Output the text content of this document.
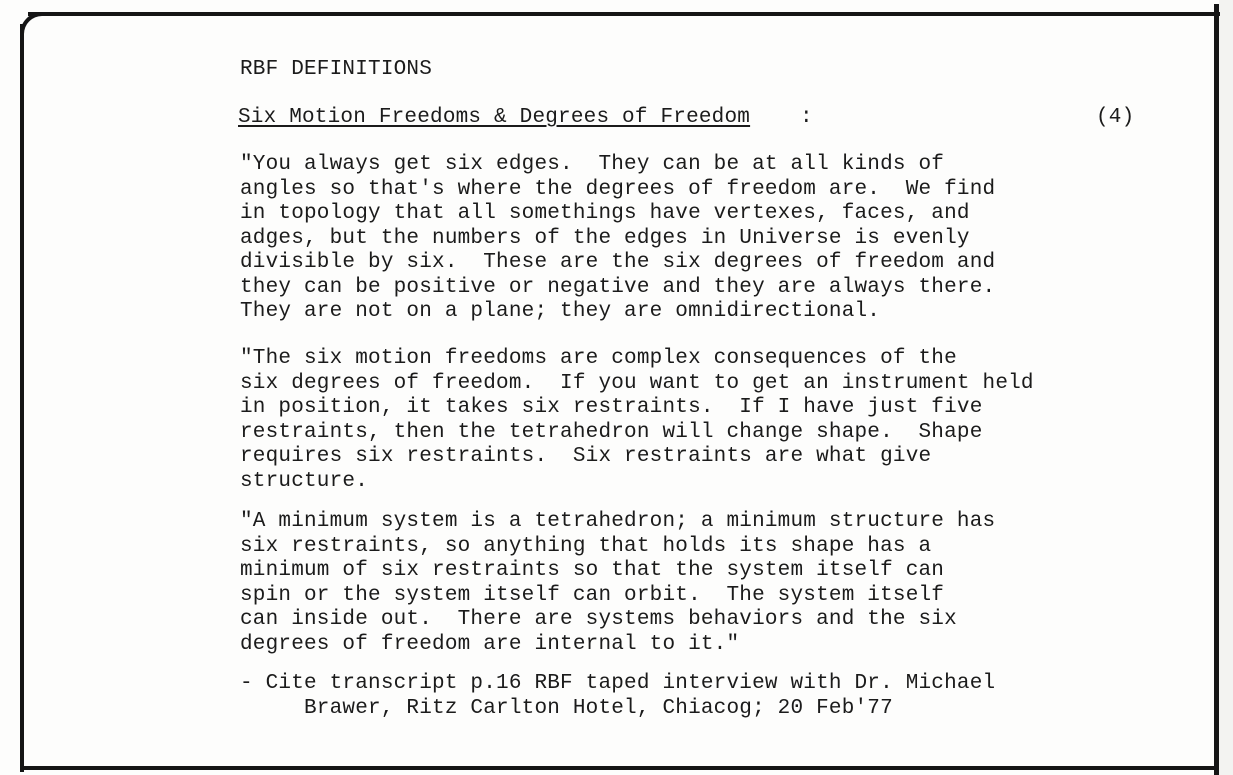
RBF DEFINITIONS
Six Motion Freedoms & Degrees of Freedom :	(4)
"You always get six edges.  They can be at all kinds of
angles so that's where the degrees of freedom are.  We find
in topology that all somethings have vertexes, faces, and
adges, but the numbers of the edges in Universe is evenly
divisible by six.  These are the six degrees of freedom and
they can be positive or negative and they are always there.
They are not on a plane; they are omnidirectional.
"The six motion freedoms are complex consequences of the
six degrees of freedom.  If you want to get an instrument held
in position, it takes six restraints.  If I have just five
restraints, then the tetrahedron will change shape.  Shape
requires six restraints.  Six restraints are what give
structure.
"A minimum system is a tetrahedron; a minimum structure has
six restraints, so anything that holds its shape has a
minimum of six restraints so that the system itself can
spin or the system itself can orbit.  The system itself
can inside out.  There are systems behaviors and the six
degrees of freedom are internal to it."
- Cite transcript p.16 RBF taped interview with Dr. Michael
Brawer, Ritz Carlton Hotel, Chiacog; 20 Feb'77
